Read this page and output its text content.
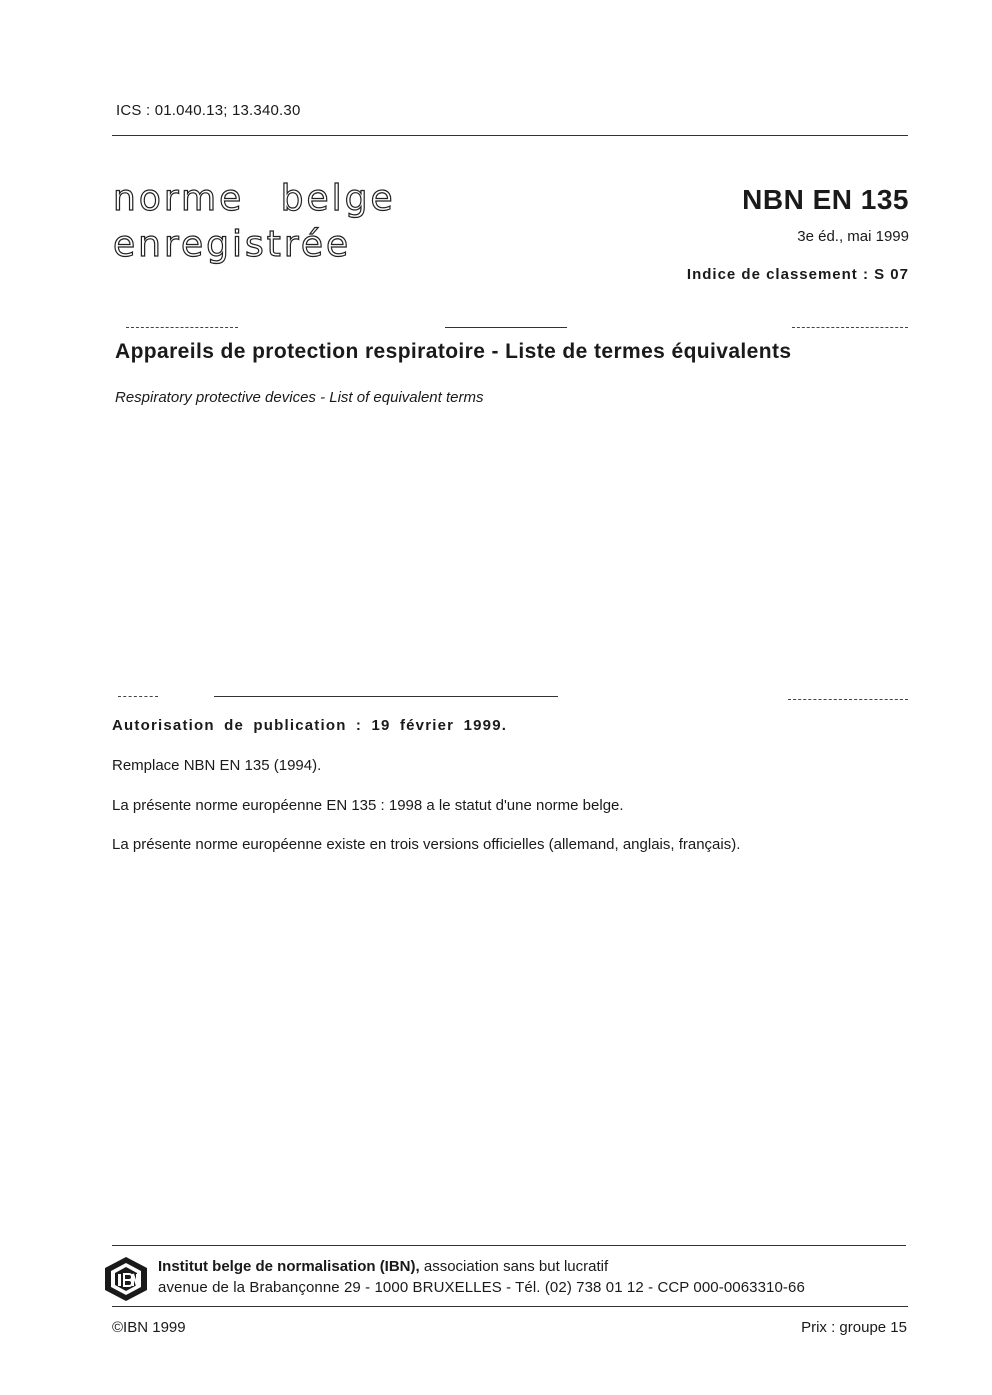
ICS : 01.040.13; 13.340.30
norme belge
enregistrée
NBN EN 135
3e éd., mai 1999
Indice de classement : S 07
Appareils de protection respiratoire - Liste de termes équivalents
Respiratory protective devices - List of equivalent terms
Autorisation de publication : 19 février 1999.
Remplace NBN EN 135 (1994).
La présente norme européenne EN 135 : 1998 a le statut d'une norme belge.
La présente norme européenne existe en trois versions officielles (allemand, anglais, français).
Institut belge de normalisation (IBN), association sans but lucratif
avenue de la Brabançonne 29 - 1000 BRUXELLES - Tél. (02) 738 01 12 - CCP 000-0063310-66
©IBN 1999	Prix : groupe 15
